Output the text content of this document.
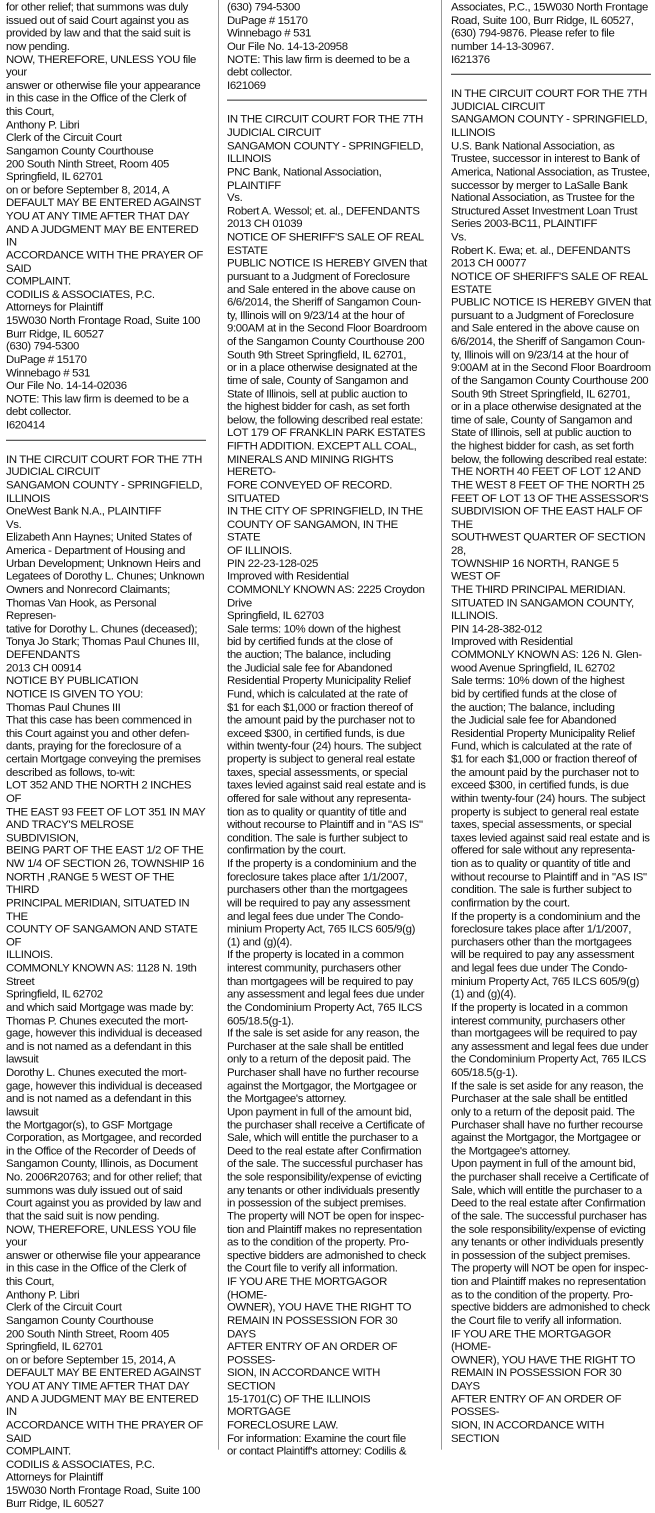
for other relief; that summons was duly
issued out of said Court against you as
provided by law and that the said suit is
now pending.
NOW, THEREFORE, UNLESS YOU file your
answer or otherwise file your appearance
in this case in the Office of the Clerk of
this Court,
Anthony P. Libri
Clerk of the Circuit Court
Sangamon County Courthouse
200 South Ninth Street, Room 405
Springfield, IL 62701
on or before September 8, 2014, A
DEFAULT MAY BE ENTERED AGAINST
YOU AT ANY TIME AFTER THAT DAY
AND A JUDGMENT MAY BE ENTERED IN
ACCORDANCE WITH THE PRAYER OF SAID
COMPLAINT.
CODILIS & ASSOCIATES, P.C.
Attorneys for Plaintiff
15W030 North Frontage Road, Suite 100
Burr Ridge, IL 60527
(630) 794-5300
DuPage # 15170
Winnebago # 531
Our File No. 14-14-02036
NOTE: This law firm is deemed to be a
debt collector.
I620414

IN THE CIRCUIT COURT FOR THE 7TH
JUDICIAL CIRCUIT
SANGAMON COUNTY - SPRINGFIELD,
ILLINOIS
OneWest Bank N.A., PLAINTIFF
Vs.
Elizabeth Ann Haynes; United States of
America - Department of Housing and
Urban Development; Unknown Heirs and
Legatees of Dorothy L. Chunes; Unknown
Owners and Nonrecord Claimants;
Thomas Van Hook, as Personal Represen-
tative for Dorothy L. Chunes (deceased);
Tonya Jo Stark; Thomas Paul Chunes III,
DEFENDANTS
2013 CH 00914
NOTICE BY PUBLICATION
NOTICE IS GIVEN TO YOU:
Thomas Paul Chunes III
That this case has been commenced in
this Court against you and other defen-
dants, praying for the foreclosure of a
certain Mortgage conveying the premises
described as follows, to-wit:
LOT 352 AND THE NORTH 2 INCHES OF
THE EAST 93 FEET OF LOT 351 IN MAY
AND TRACY'S MELROSE SUBDIVISION,
BEING PART OF THE EAST 1/2 OF THE
NW 1/4 OF SECTION 26, TOWNSHIP 16
NORTH ,RANGE 5 WEST OF THE THIRD
PRINCIPAL MERIDIAN, SITUATED IN THE
COUNTY OF SANGAMON AND STATE OF
ILLINOIS.
COMMONLY KNOWN AS: 1128 N. 19th
Street
Springfield, IL 62702
and which said Mortgage was made by:
Thomas P. Chunes executed the mort-
gage, however this individual is deceased
and is not named as a defendant in this
lawsuit
Dorothy L. Chunes executed the mort-
gage, however this individual is deceased
and is not named as a defendant in this
lawsuit
the Mortgagor(s), to GSF Mortgage
Corporation, as Mortgagee, and recorded
in the Office of the Recorder of Deeds of
Sangamon County, Illinois, as Document
No. 2006R20763; and for other relief; that
summons was duly issued out of said
Court against you as provided by law and
that the said suit is now pending.
NOW, THEREFORE, UNLESS YOU file your
answer or otherwise file your appearance
in this case in the Office of the Clerk of
this Court,
Anthony P. Libri
Clerk of the Circuit Court
Sangamon County Courthouse
200 South Ninth Street, Room 405
Springfield, IL 62701
on or before September 15, 2014, A
DEFAULT MAY BE ENTERED AGAINST
YOU AT ANY TIME AFTER THAT DAY
AND A JUDGMENT MAY BE ENTERED IN
ACCORDANCE WITH THE PRAYER OF SAID
COMPLAINT.
CODILIS & ASSOCIATES, P.C.
Attorneys for Plaintiff
15W030 North Frontage Road, Suite 100
Burr Ridge, IL 60527

(630) 794-5300
DuPage # 15170
Winnebago # 531
Our File No. 14-13-20958
NOTE: This law firm is deemed to be a
debt collector.
I621069

IN THE CIRCUIT COURT FOR THE 7TH
JUDICIAL CIRCUIT
SANGAMON COUNTY - SPRINGFIELD,
ILLINOIS
PNC Bank, National Association,
PLAINTIFF
Vs.
Robert A. Wessol; et. al., DEFENDANTS
2013 CH 01039
NOTICE OF SHERIFF'S SALE OF REAL
ESTATE
PUBLIC NOTICE IS HEREBY GIVEN that
pursuant to a Judgment of Foreclosure
and Sale entered in the above cause on
6/6/2014, the Sheriff of Sangamon Coun-
ty, Illinois will on 9/23/14 at the hour of
9:00AM at in the Second Floor Boardroom
of the Sangamon County Courthouse 200
South 9th Street Springfield, IL 62701,
or in a place otherwise designated at the
time of sale, County of Sangamon and
State of Illinois, sell at public auction to
the highest bidder for cash, as set forth
below, the following described real estate:
LOT 179 OF FRANKLIN PARK ESTATES
FIFTH ADDITION. EXCEPT ALL COAL,
MINERALS AND MINING RIGHTS HERETO-
FORE CONVEYED OF RECORD. SITUATED
IN THE CITY OF SPRINGFIELD, IN THE
COUNTY OF SANGAMON, IN THE STATE
OF ILLINOIS.
PIN 22-23-128-025
Improved with Residential
COMMONLY KNOWN AS: 2225 Croydon
Drive
Springfield, IL 62703
Sale terms: 10% down of the highest
bid by certified funds at the close of
the auction; The balance, including
the Judicial sale fee for Abandoned
Residential Property Municipality Relief
Fund, which is calculated at the rate of
$1 for each $1,000 or fraction thereof of
the amount paid by the purchaser not to
exceed $300, in certified funds, is due
within twenty-four (24) hours. The subject
property is subject to general real estate
taxes, special assessments, or special
taxes levied against said real estate and is
offered for sale without any representa-
tion as to quality or quantity of title and
without recourse to Plaintiff and in "AS IS"
condition. The sale is further subject to
confirmation by the court.
If the property is a condominium and the
foreclosure takes place after 1/1/2007,
purchasers other than the mortgagees
will be required to pay any assessment
and legal fees due under The Condo-
minium Property Act, 765 ILCS 605/9(g)
(1) and (g)(4).
If the property is located in a common
interest community, purchasers other
than mortgagees will be required to pay
any assessment and legal fees due under
the Condominium Property Act, 765 ILCS
605/18.5(g-1).
If the sale is set aside for any reason, the
Purchaser at the sale shall be entitled
only to a return of the deposit paid. The
Purchaser shall have no further recourse
against the Mortgagor, the Mortgagee or
the Mortgagee's attorney.
Upon payment in full of the amount bid,
the purchaser shall receive a Certificate of
Sale, which will entitle the purchaser to a
Deed to the real estate after Confirmation
of the sale. The successful purchaser has
the sole responsibility/expense of evicting
any tenants or other individuals presently
in possession of the subject premises.
The property will NOT be open for inspec-
tion and Plaintiff makes no representation
as to the condition of the property. Pro-
spective bidders are admonished to check
the Court file to verify all information.
IF YOU ARE THE MORTGAGOR (HOME-
OWNER), YOU HAVE THE RIGHT TO
REMAIN IN POSSESSION FOR 30 DAYS
AFTER ENTRY OF AN ORDER OF POSSES-
SION, IN ACCORDANCE WITH SECTION
15-1701(C) OF THE ILLINOIS MORTGAGE
FORECLOSURE LAW.
For information: Examine the court file
or contact Plaintiff's attorney: Codilis &

Associates, P.C., 15W030 North Frontage
Road, Suite 100, Burr Ridge, IL 60527,
(630) 794-9876. Please refer to file
number 14-13-30967.
I621376

IN THE CIRCUIT COURT FOR THE 7TH
JUDICIAL CIRCUIT
SANGAMON COUNTY - SPRINGFIELD,
ILLINOIS
U.S. Bank National Association, as
Trustee, successor in interest to Bank of
America, National Association, as Trustee,
successor by merger to LaSalle Bank
National Association, as Trustee for the
Structured Asset Investment Loan Trust
Series 2003-BC11, PLAINTIFF
Vs.
Robert K. Ewa; et. al., DEFENDANTS
2013 CH 00077
NOTICE OF SHERIFF'S SALE OF REAL
ESTATE
PUBLIC NOTICE IS HEREBY GIVEN that
pursuant to a Judgment of Foreclosure
and Sale entered in the above cause on
6/6/2014, the Sheriff of Sangamon Coun-
ty, Illinois will on 9/23/14 at the hour of
9:00AM at in the Second Floor Boardroom
of the Sangamon County Courthouse 200
South 9th Street Springfield, IL 62701,
or in a place otherwise designated at the
time of sale, County of Sangamon and
State of Illinois, sell at public auction to
the highest bidder for cash, as set forth
below, the following described real estate:
THE NORTH 40 FEET OF LOT 12 AND
THE WEST 8 FEET OF THE NORTH 25
FEET OF LOT 13 OF THE ASSESSOR'S
SUBDIVISION OF THE EAST HALF OF THE
SOUTHWEST QUARTER OF SECTION 28,
TOWNSHIP 16 NORTH, RANGE 5 WEST OF
THE THIRD PRINCIPAL MERIDIAN.
SITUATED IN SANGAMON COUNTY,
ILLINOIS.
PIN 14-28-382-012
Improved with Residential
COMMONLY KNOWN AS: 126 N. Glen-
wood Avenue Springfield, IL 62702
Sale terms: 10% down of the highest
bid by certified funds at the close of
the auction; The balance, including
the Judicial sale fee for Abandoned
Residential Property Municipality Relief
Fund, which is calculated at the rate of
$1 for each $1,000 or fraction thereof of
the amount paid by the purchaser not to
exceed $300, in certified funds, is due
within twenty-four (24) hours. The subject
property is subject to general real estate
taxes, special assessments, or special
taxes levied against said real estate and is
offered for sale without any representa-
tion as to quality or quantity of title and
without recourse to Plaintiff and in "AS IS"
condition. The sale is further subject to
confirmation by the court.
If the property is a condominium and the
foreclosure takes place after 1/1/2007,
purchasers other than the mortgagees
will be required to pay any assessment
and legal fees due under The Condo-
minium Property Act, 765 ILCS 605/9(g)
(1) and (g)(4).
If the property is located in a common
interest community, purchasers other
than mortgagees will be required to pay
any assessment and legal fees due under
the Condominium Property Act, 765 ILCS
605/18.5(g-1).
If the sale is set aside for any reason, the
Purchaser at the sale shall be entitled
only to a return of the deposit paid. The
Purchaser shall have no further recourse
against the Mortgagor, the Mortgagee or
the Mortgagee's attorney.
Upon payment in full of the amount bid,
the purchaser shall receive a Certificate of
Sale, which will entitle the purchaser to a
Deed to the real estate after Confirmation
of the sale. The successful purchaser has
the sole responsibility/expense of evicting
any tenants or other individuals presently
in possession of the subject premises.
The property will NOT be open for inspec-
tion and Plaintiff makes no representation
as to the condition of the property. Pro-
spective bidders are admonished to check
the Court file to verify all information.
IF YOU ARE THE MORTGAGOR (HOME-
OWNER), YOU HAVE THE RIGHT TO
REMAIN IN POSSESSION FOR 30 DAYS
AFTER ENTRY OF AN ORDER OF POSSES-
SION, IN ACCORDANCE WITH SECTION
